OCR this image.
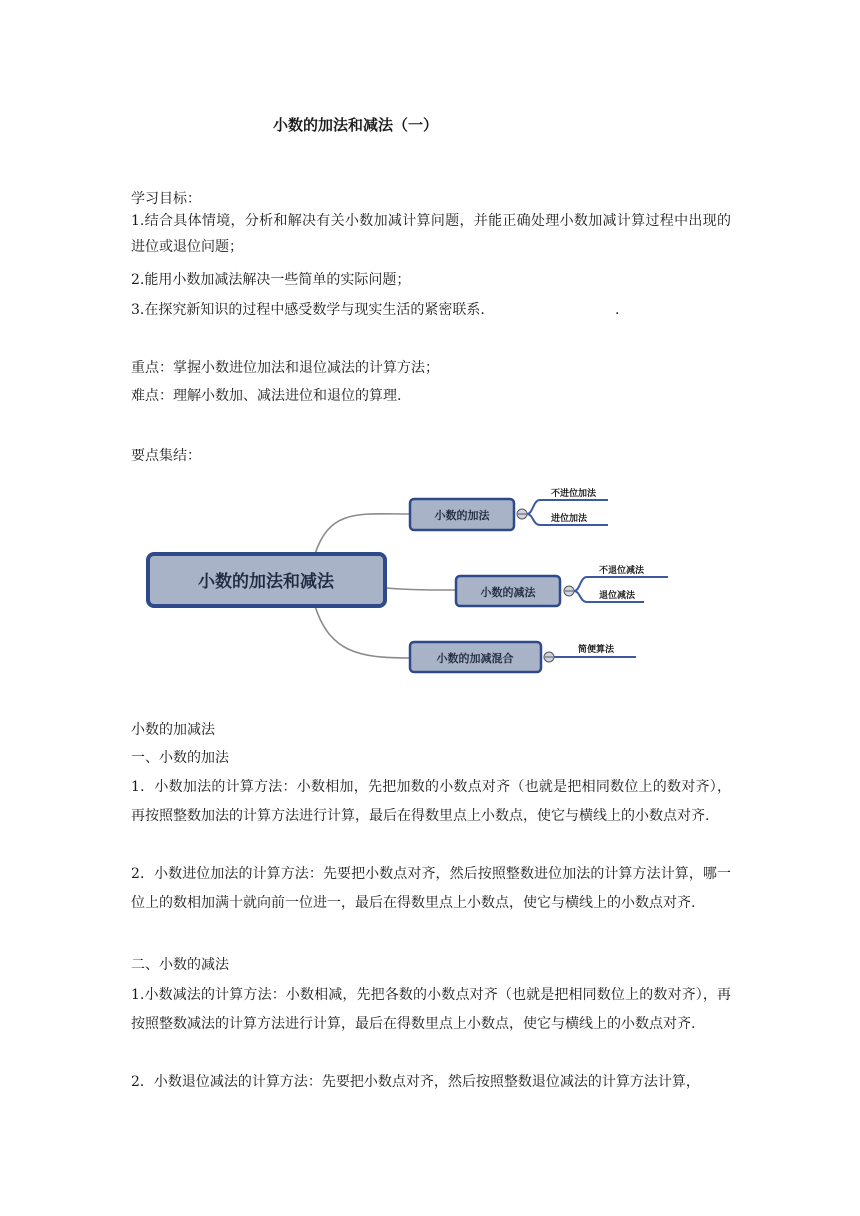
小数的加法和减法（一）
学习目标：
1.结合具体情境，分析和解决有关小数加减计算问题，并能正确处理小数加减计算过程中出现的进位或退位问题；
2.能用小数加减法解决一些简单的实际问题；
3.在探究新知识的过程中感受数学与现实生活的紧密联系.	.
重点：掌握小数进位加法和退位减法的计算方法；
难点：理解小数加、减法进位和退位的算理.
要点集结：
小数的加法和减法
小数的加法
不进位加法
进位加法
小数的减法
不退位减法
退位减法
小数的加减混合
简便算法
小数的加减法
一、小数的加法
1．小数加法的计算方法：小数相加，先把加数的小数点对齐（也就是把相同数位上的数对齐），再按照整数加法的计算方法进行计算，最后在得数里点上小数点，使它与横线上的小数点对齐.
2．小数进位加法的计算方法：先要把小数点对齐，然后按照整数进位加法的计算方法计算，哪一位上的数相加满十就向前一位进一，最后在得数里点上小数点，使它与横线上的小数点对齐.
二、小数的减法
1.小数减法的计算方法：小数相减，先把各数的小数点对齐（也就是把相同数位上的数对齐），再按照整数减法的计算方法进行计算，最后在得数里点上小数点，使它与横线上的小数点对齐.
2．小数退位减法的计算方法：先要把小数点对齐，然后按照整数退位减法的计算方法计算，
